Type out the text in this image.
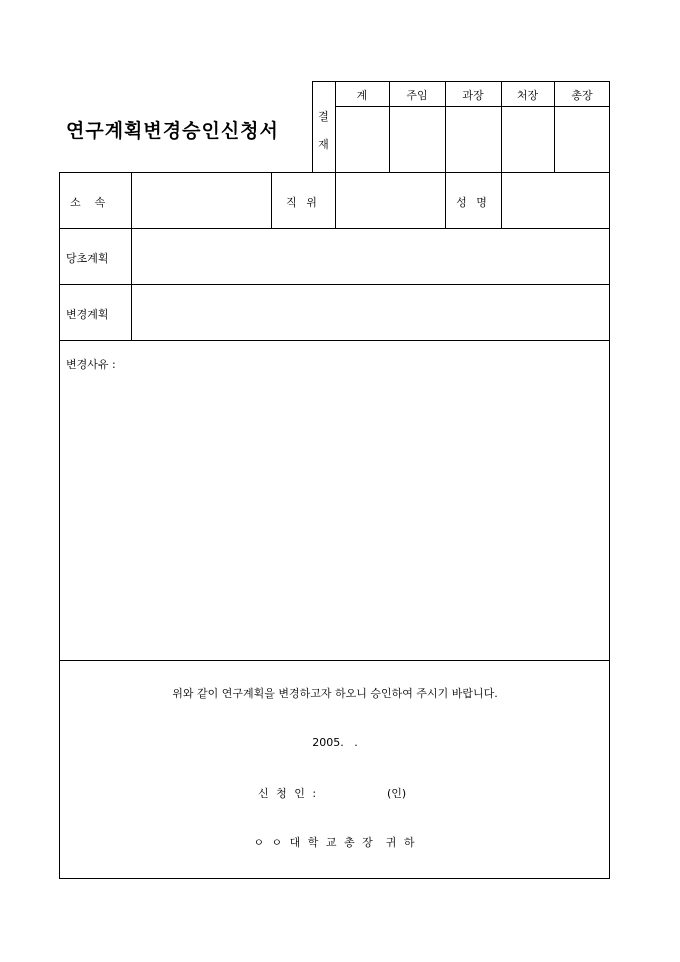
연구계획변경승인신청서
결
재
계	주임	과장	처장	총장
소    속	직 위	성 명
당초계획
변경계획
변경사유 :
위와 같이 연구계획을 변경하고자 하오니 승인하여 주시기 바랍니다.
2005.   .
신 청 인 :	(인)
ㅇ ㅇ 대 학 교 총 장  귀 하
